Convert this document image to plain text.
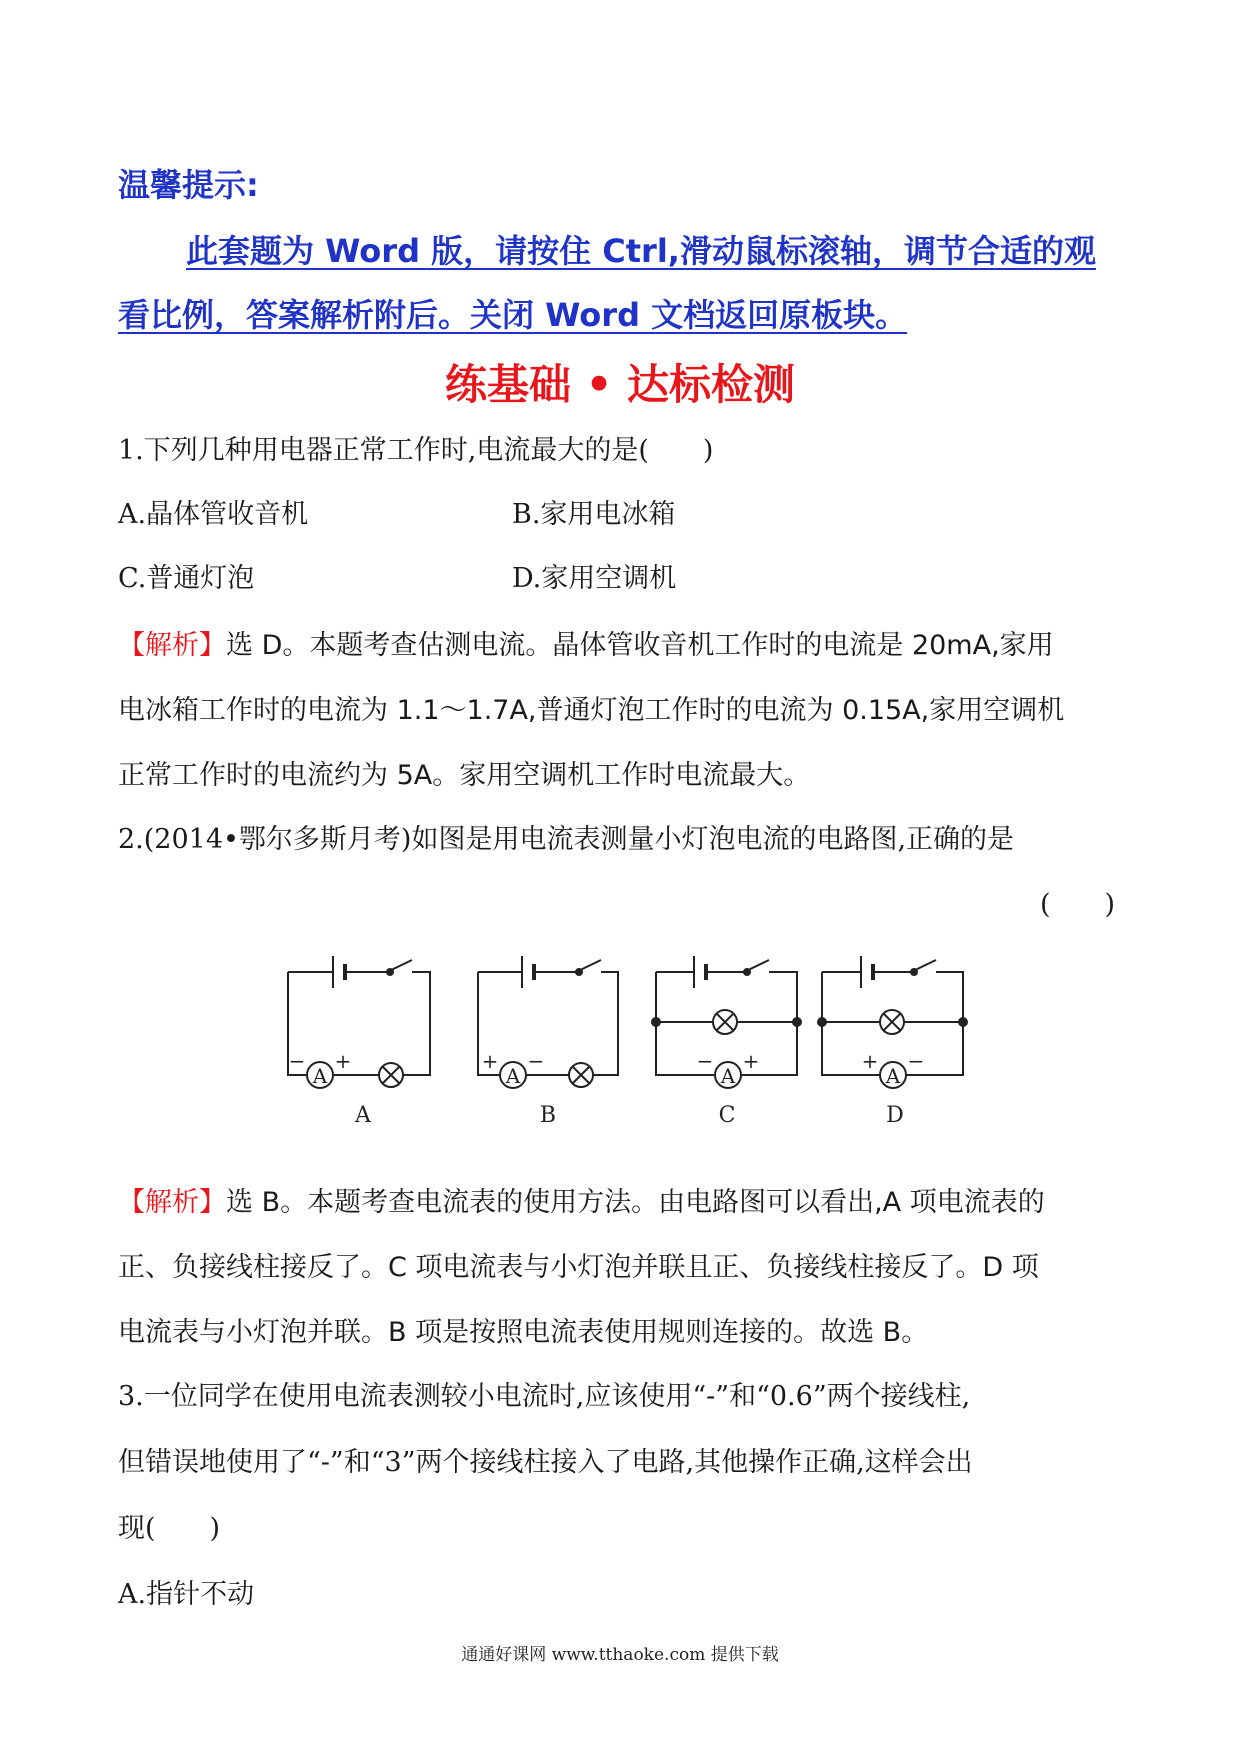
温馨提示:
此套题为 Word 版，请按住 Ctrl,滑动鼠标滚轴，调节合适的观
看比例，答案解析附后。关闭 Word 文档返回原板块。
练基础 • 达标检测
1.下列几种用电器正常工作时,电流最大的是(　　)
A.晶体管收音机	B.家用电冰箱
C.普通灯泡	D.家用空调机
【解析】选 D。本题考查估测电流。晶体管收音机工作时的电流是 20mA,家用
电冰箱工作时的电流为 1.1～1.7A,普通灯泡工作时的电流为 0.15A,家用空调机
正常工作时的电流约为 5A。家用空调机工作时电流最大。
2.(2014•鄂尔多斯月考)如图是用电流表测量小灯泡电流的电路图,正确的是
(　　)
A	A	A	A
− +	+ −	− +	+ −
A	B	C	D
【解析】选 B。本题考查电流表的使用方法。由电路图可以看出,A 项电流表的
正、负接线柱接反了。C 项电流表与小灯泡并联且正、负接线柱接反了。D 项
电流表与小灯泡并联。B 项是按照电流表使用规则连接的。故选 B。
3.一位同学在使用电流表测较小电流时,应该使用“-”和“0.6”两个接线柱,
但错误地使用了“-”和“3”两个接线柱接入了电路,其他操作正确,这样会出
现(　　)
A.指针不动
通通好课网 www.tthaoke.com 提供下载
